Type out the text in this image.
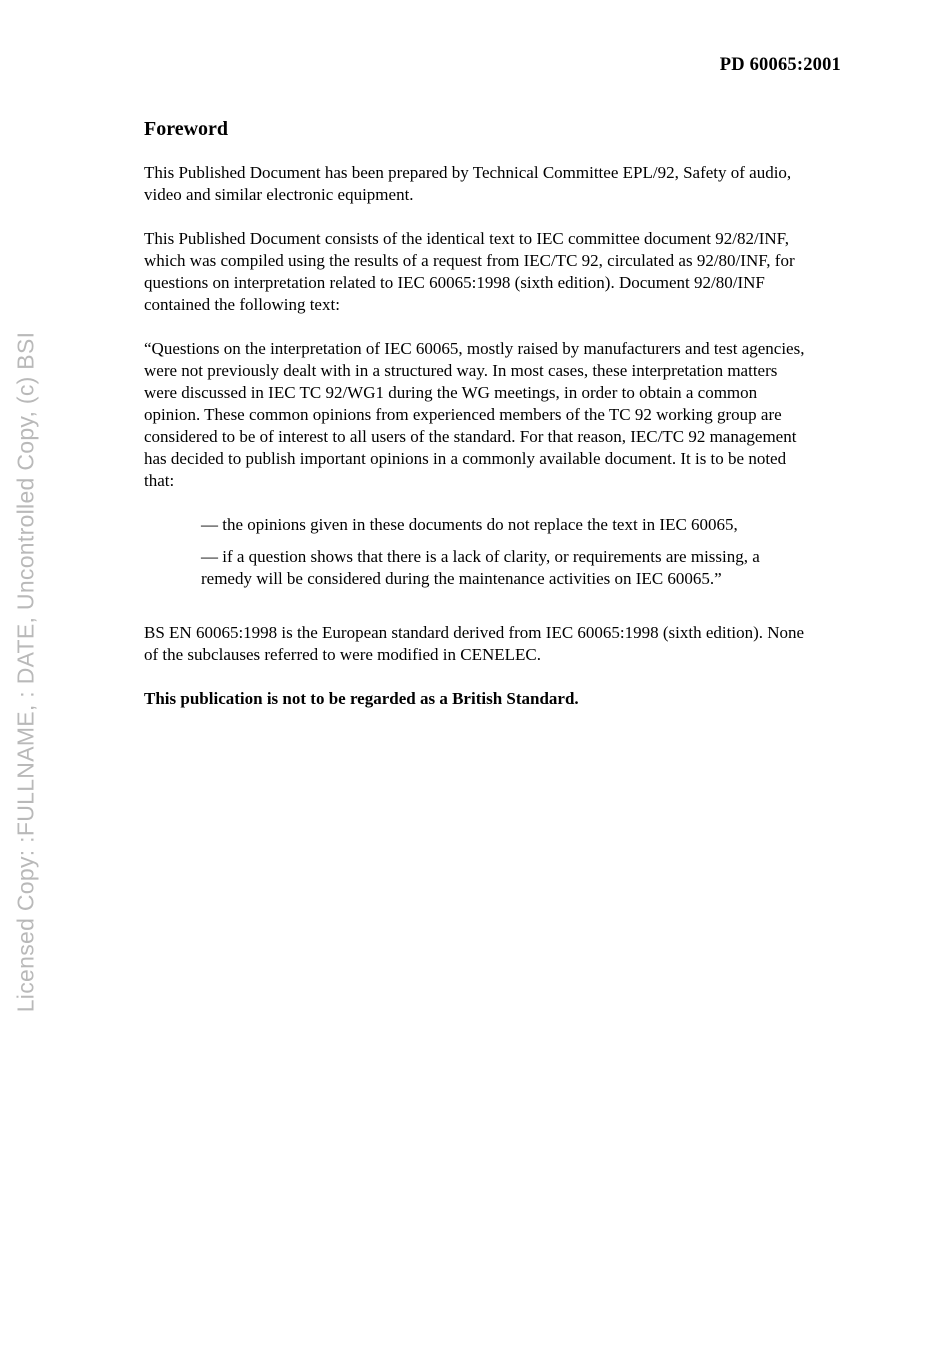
PD 60065:2001
Licensed Copy: :FULLNAME, : DATE, Uncontrolled Copy, (c) BSI
Foreword

This Published Document has been prepared by Technical Committee EPL/92, Safety of audio, video and similar electronic equipment.

This Published Document consists of the identical text to IEC committee document 92/82/INF, which was compiled using the results of a request from IEC/TC 92, circulated as 92/80/INF, for questions on interpretation related to IEC 60065:1998 (sixth edition). Document 92/80/INF contained the following text:

“Questions on the interpretation of IEC 60065, mostly raised by manufacturers and test agencies, were not previously dealt with in a structured way. In most cases, these interpretation matters were discussed in IEC TC 92/WG1 during the WG meetings, in order to obtain a common opinion. These common opinions from experienced members of the TC 92 working group are considered to be of interest to all users of the standard. For that reason, IEC/TC 92 management has decided to publish important opinions in a commonly available document. It is to be noted that:

— the opinions given in these documents do not replace the text in IEC 60065,
— if a question shows that there is a lack of clarity, or requirements are missing, a remedy will be considered during the maintenance activities on IEC 60065.”

BS EN 60065:1998 is the European standard derived from IEC 60065:1998 (sixth edition). None of the subclauses referred to were modified in CENELEC.

This publication is not to be regarded as a British Standard.
